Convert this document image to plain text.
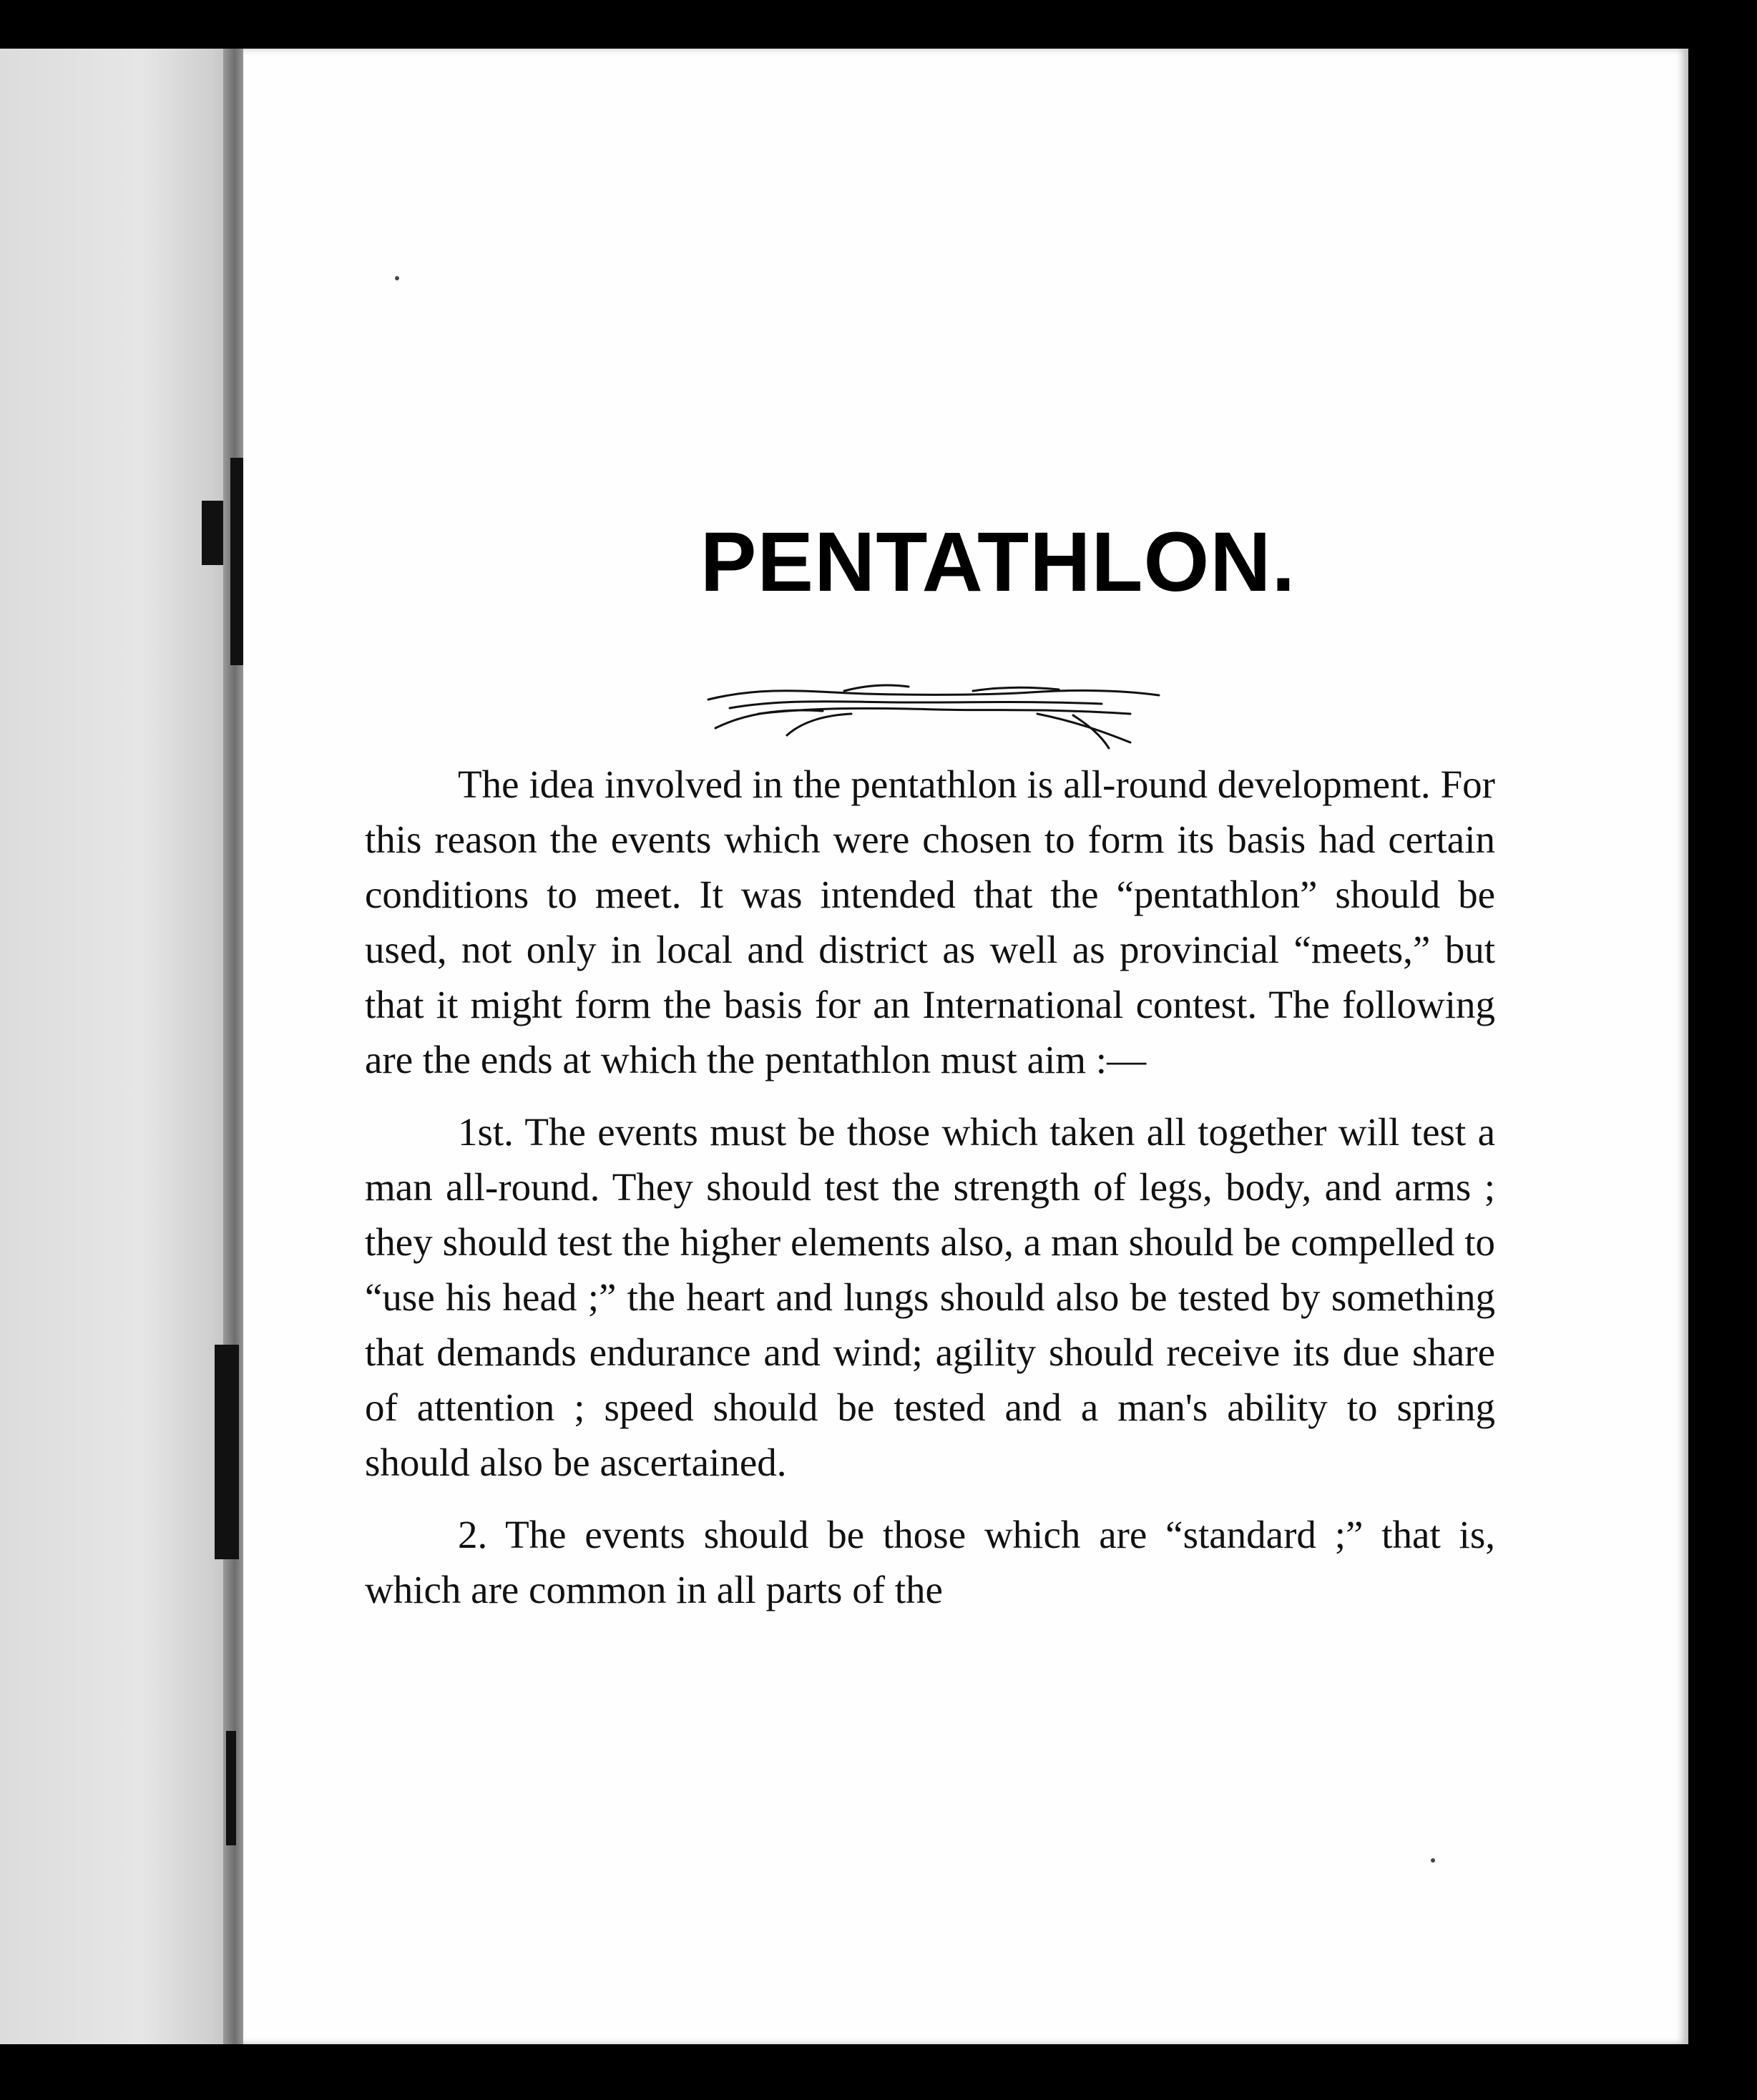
PENTATHLON.

The idea involved in the pentathlon is all-round development. For this reason the events which were chosen to form its basis had certain conditions to meet. It was intended that the “pentathlon” should be used, not only in local and district as well as provincial “meets,” but that it might form the basis for an International contest. The following are the ends at which the pentathlon must aim :—

1st. The events must be those which taken all together will test a man all-round. They should test the strength of legs, body, and arms ; they should test the higher elements also, a man should be compelled to “use his head ;” the heart and lungs should also be tested by something that demands endurance and wind; agility should receive its due share of attention ; speed should be tested and a man's ability to spring should also be ascertained.

2. The events should be those which are “standard ;” that is, which are common in all parts of the
